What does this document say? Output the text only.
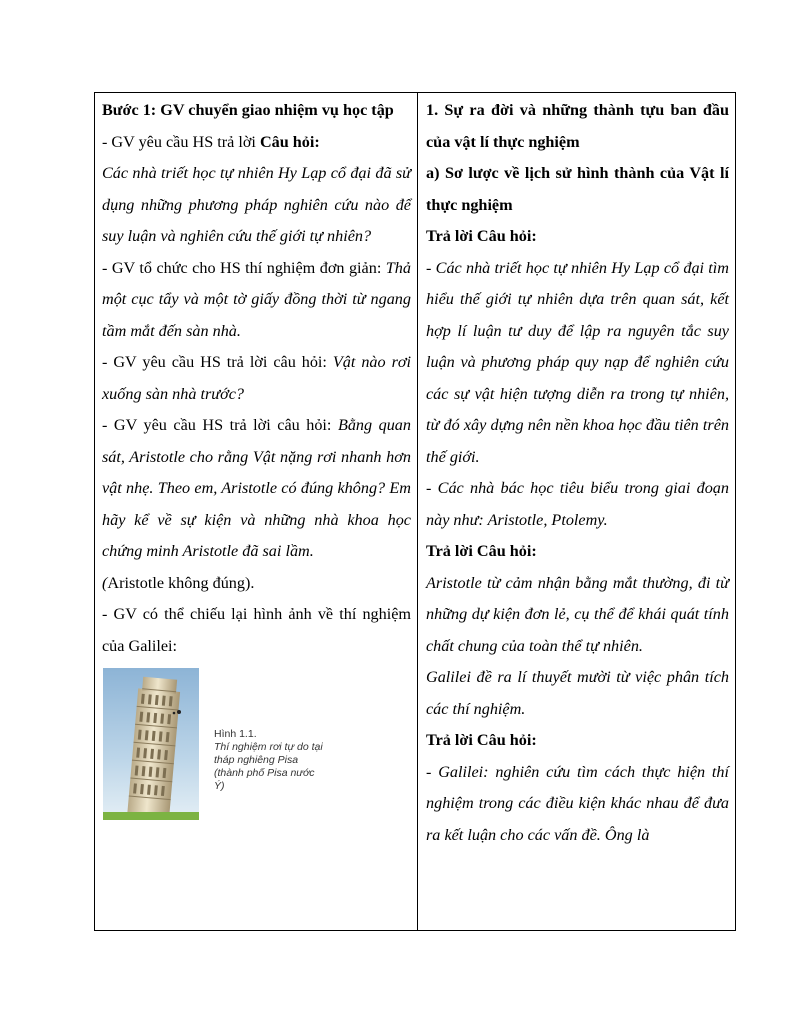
Bước 1: GV chuyển giao nhiệm vụ học tập

- GV yêu cầu HS trả lời Câu hỏi:

Các nhà triết học tự nhiên Hy Lạp cổ đại đã sử dụng những phương pháp nghiên cứu nào để suy luận và nghiên cứu thế giới tự nhiên?

- GV tổ chức cho HS thí nghiệm đơn giản: Thả một cục tẩy và một tờ giấy đồng thời từ ngang tầm mắt đến sàn nhà.

- GV yêu cầu HS trả lời câu hỏi: Vật nào rơi xuống sàn nhà trước?

- GV yêu cầu HS trả lời câu hỏi: Bằng quan sát, Aristotle cho rằng Vật nặng rơi nhanh hơn vật nhẹ. Theo em, Aristotle có đúng không? Em hãy kể về sự kiện và những nhà khoa học chứng minh Aristotle đã sai lầm.

(Aristotle không đúng).

- GV có thể chiếu lại hình ảnh về thí nghiệm của Galilei:

Hình 1.1.
Thí nghiệm rơi tự do tại tháp nghiêng Pisa (thành phố Pisa nước Ý)

1. Sự ra đời và những thành tựu ban đầu của vật lí thực nghiệm

a) Sơ lược về lịch sử hình thành của Vật lí thực nghiệm

Trả lời Câu hỏi:

- Các nhà triết học tự nhiên Hy Lạp cổ đại tìm hiểu thế giới tự nhiên dựa trên quan sát, kết hợp lí luận tư duy để lập ra nguyên tắc suy luận và phương pháp quy nạp để nghiên cứu các sự vật hiện tượng diễn ra trong tự nhiên, từ đó xây dựng nên nền khoa học đầu tiên trên thế giới.

- Các nhà bác học tiêu biểu trong giai đoạn này như: Aristotle, Ptolemy.

Trả lời Câu hỏi:

Aristotle từ cảm nhận bằng mắt thường, đi từ những dự kiện đơn lẻ, cụ thể để khái quát tính chất chung của toàn thể tự nhiên.

Galilei đề ra lí thuyết mười từ việc phân tích các thí nghiệm.

Trả lời Câu hỏi:

- Galilei: nghiên cứu tìm cách thực hiện thí nghiệm trong các điều kiện khác nhau để đưa ra kết luận cho các vấn đề. Ông là
